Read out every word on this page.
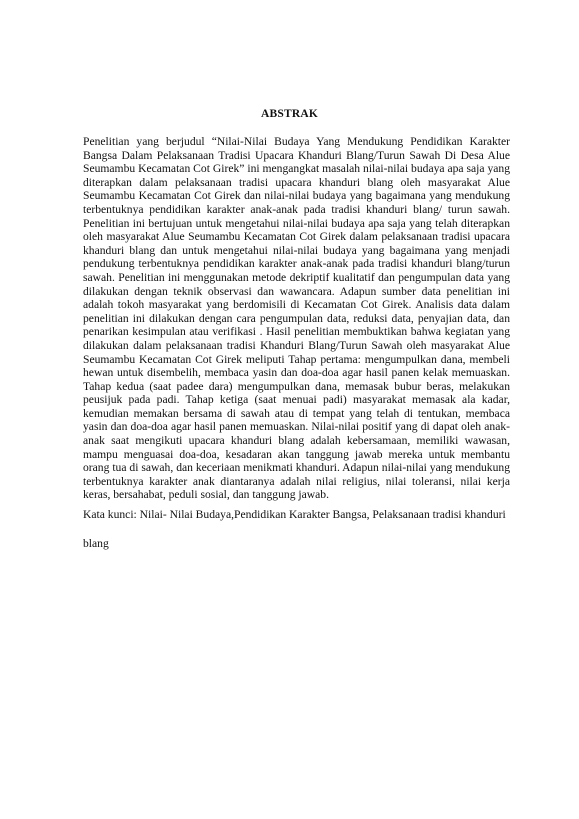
ABSTRAK

Penelitian yang berjudul “Nilai-Nilai Budaya Yang Mendukung Pendidikan Karakter Bangsa Dalam Pelaksanaan Tradisi Upacara Khanduri Blang/Turun Sawah Di Desa Alue Seumambu Kecamatan Cot Girek” ini mengangkat masalah nilai-nilai budaya apa saja yang diterapkan dalam pelaksanaan tradisi upacara khanduri blang oleh masyarakat Alue Seumambu Kecamatan Cot Girek dan nilai-nilai budaya yang bagaimana yang mendukung terbentuknya pendidikan karakter anak-anak pada tradisi khanduri blang/ turun sawah. Penelitian ini bertujuan untuk mengetahui nilai-nilai budaya apa saja yang telah diterapkan oleh masyarakat Alue Seumambu Kecamatan Cot Girek dalam pelaksanaan tradisi upacara khanduri blang dan untuk mengetahui nilai-nilai budaya yang bagaimana yang menjadi pendukung terbentuknya pendidikan karakter anak-anak pada tradisi khanduri blang/turun sawah. Penelitian ini menggunakan metode dekriptif kualitatif dan pengumpulan data yang dilakukan dengan teknik observasi dan wawancara. Adapun sumber data penelitian ini adalah tokoh masyarakat yang berdomisili di Kecamatan Cot Girek. Analisis data dalam penelitian ini dilakukan dengan cara pengumpulan data, reduksi data, penyajian data, dan penarikan kesimpulan atau verifikasi . Hasil penelitian membuktikan bahwa kegiatan yang dilakukan dalam pelaksanaan tradisi Khanduri Blang/Turun Sawah oleh masyarakat Alue Seumambu Kecamatan Cot Girek meliputi Tahap pertama: mengumpulkan dana, membeli hewan untuk disembelih, membaca yasin dan doa-doa agar hasil panen kelak memuaskan. Tahap kedua (saat padee dara) mengumpulkan dana, memasak bubur beras, melakukan peusijuk pada padi. Tahap ketiga (saat menuai padi) masyarakat memasak ala kadar, kemudian memakan bersama di sawah atau di tempat yang telah di tentukan, membaca yasin dan doa-doa agar hasil panen memuaskan. Nilai-nilai positif yang di dapat oleh anak-anak saat mengikuti upacara khanduri blang adalah kebersamaan, memiliki wawasan, mampu menguasai doa-doa, kesadaran akan tanggung jawab mereka untuk membantu orang tua di sawah, dan keceriaan menikmati khanduri. Adapun nilai-nilai yang mendukung terbentuknya karakter anak diantaranya adalah nilai religius, nilai toleransi, nilai kerja keras, bersahabat, peduli sosial, dan tanggung jawab.

Kata kunci: Nilai- Nilai Budaya,Pendidikan Karakter Bangsa, Pelaksanaan tradisi khanduri

blang
